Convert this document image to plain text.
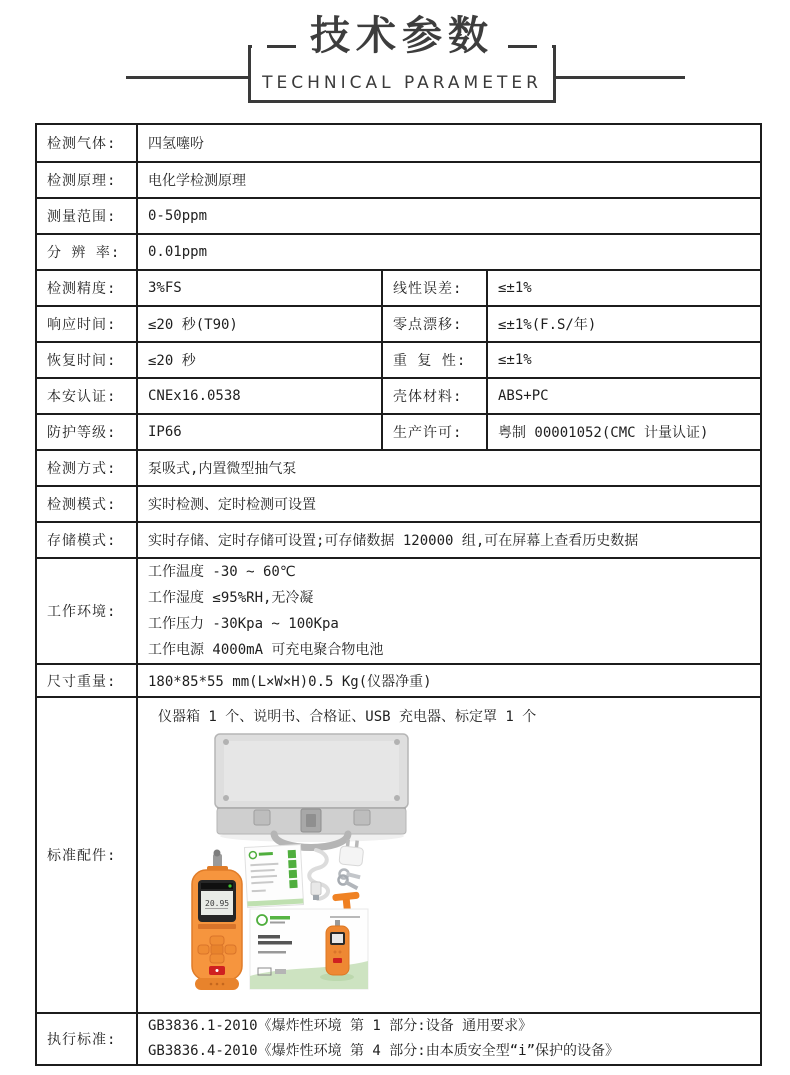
技术参数
TECHNICAL PARAMETER
检测气体:	四氢噻吩		
检测原理:	电化学检测原理		
测量范围:	0-50ppm		
分 辨 率:	0.01ppm		
检测精度:	3%FS	线性误差:	≤±1%
响应时间:	≤20 秒(T90)	零点漂移:	≤±1%(F.S/年)
恢复时间:	≤20 秒	重 复 性:	≤±1%
本安认证:	CNEx16.0538	壳体材料:	ABS+PC
防护等级:	IP66	生产许可:	粤制 00001052(CMC 计量认证)
检测方式:	泵吸式,内置微型抽气泵		
检测模式:	实时检测、定时检测可设置		
存储模式:	实时存储、定时存储可设置;可存储数据 120000 组,可在屏幕上查看历史数据		
工作环境:	工作温度 -30 ~ 60℃
工作湿度 ≤95%RH,无冷凝
工作压力 -30Kpa ~ 100Kpa
工作电源 4000mA 可充电聚合物电池		

尺寸重量:	180*85*55 mm(L×W×H)0.5 Kg(仪器净重)		
标准配件:	仪器箱 1 个、说明书、合格证、USB 充电器、标定罩 1 个
20.95		

执行标准:	GB3836.1-2010《爆炸性环境 第 1 部分:设备 通用要求》
GB3836.4-2010《爆炸性环境 第 4 部分:由本质安全型“i”保护的设备》		
